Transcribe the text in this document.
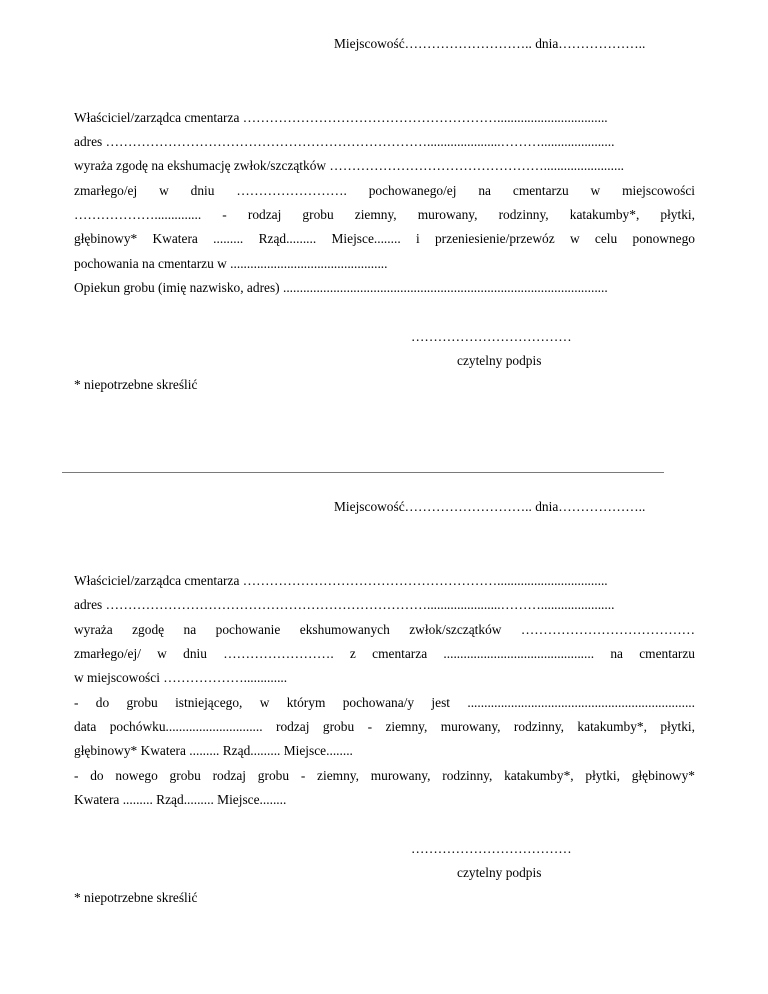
Miejscowość……………………….. dnia………………..
Właściciel/zarządca cmentarza ………………………………………………….................................
adres ………………………………………………………………......................………......................
wyraża zgodę na ekshumację zwłok/szczątków …………………………………………........................
zmarłego/ej w dniu ……………………. pochowanego/ej na cmentarzu w miejscowości
……………….............. - rodzaj grobu ziemny, murowany, rodzinny, katakumby*, płytki,
głębinowy* Kwatera ......... Rząd......... Miejsce........ i przeniesienie/przewóz w celu ponownego
pochowania na cmentarzu w ...............................................
Opiekun grobu (imię nazwisko, adres) .................................................................................................
………………………………
czytelny podpis
* niepotrzebne skreślić
Miejscowość……………………….. dnia………………..
Właściciel/zarządca cmentarza ………………………………………………….................................
adres ………………………………………………………………......................………......................
wyraża zgodę na pochowanie ekshumowanych zwłok/szczątków …………………………………
zmarłego/ej/ w dniu ……………………. z cmentarza ............................................. na cmentarzu
w miejscowości ……………….............
- do grobu istniejącego, w którym pochowana/y jest ....................................................................
data pochówku............................. rodzaj grobu - ziemny, murowany, rodzinny, katakumby*, płytki,
głębinowy* Kwatera ......... Rząd......... Miejsce........
- do nowego grobu rodzaj grobu - ziemny, murowany, rodzinny, katakumby*, płytki, głębinowy*
Kwatera ......... Rząd......... Miejsce........
………………………………
czytelny podpis
* niepotrzebne skreślić
